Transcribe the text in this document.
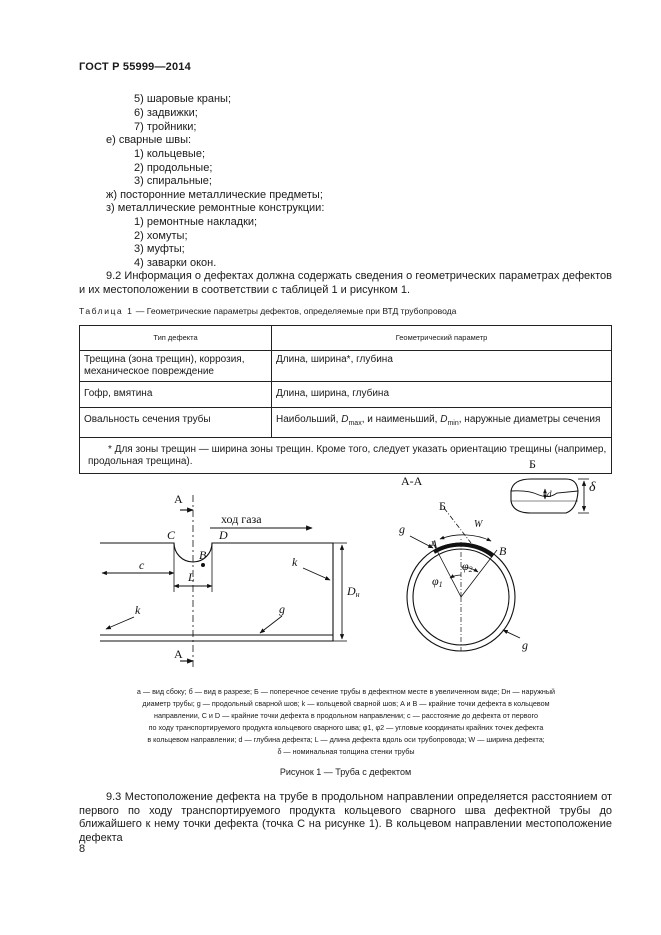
ГОСТ Р 55999—2014
5) шаровые краны;
6) задвижки;
7) тройники;
е) сварные швы:
1) кольцевые;
2) продольные;
3) спиральные;
ж) посторонние металлические предметы;
з) металлические ремонтные конструкции:
1) ремонтные накладки;
2) хомуты;
3) муфты;
4) заварки окон.
9.2 Информация о дефектах должна содержать сведения о геометрических параметрах дефектов и их местоположении в соответствии с таблицей 1 и рисунком 1.
Таблица 1 — Геометрические параметры дефектов, определяемые при ВТД трубопровода
Тип дефекта	Геометрический параметр
Трещина (зона трещин), коррозия, механическое повреждение	Длина, ширина*, глубина
Гофр, вмятина	Длина, ширина, глубина
Овальность сечения трубы	Наибольший, $D_{max}$, и наименьший, $D_{min}$, наружные диаметры сечения
* Для зоны трещин — ширина зоны трещин. Кроме того, следует указать ориентацию трещины (например, продольная трещина).	
А
А
ход газа
C	D
B
c
L
k
k	g
Dн
А-А
Б
g
g
A	B
W
φ1
φ2
Б
d	δ
а — вид сбоку; б — вид в разрезе; Б — поперечное сечение трубы в дефектном месте в увеличенном виде; Dн — наружный
диаметр трубы; g — продольный сварной шов; k — кольцевой сварной шов; A и B — крайние точки дефекта в кольцевом
направлении, C и D — крайние точки дефекта в продольном направлении; c — расстояние до дефекта от первого
по ходу транспортируемого продукта кольцевого сварного шва; φ1, φ2 — угловые координаты крайних точек дефекта
в кольцевом направлении; d — глубина дефекта; L — длина дефекта вдоль оси трубопровода; W — ширина дефекта;
δ — номинальная толщина стенки трубы
Рисунок 1 — Труба с дефектом
9.3 Местоположение дефекта на трубе в продольном направлении определяется расстоянием от первого по ходу транспортируемого продукта кольцевого сварного шва дефектной трубы до ближайшего к нему точки дефекта (точка C на рисунке 1). В кольцевом направлении местоположение дефекта
8
